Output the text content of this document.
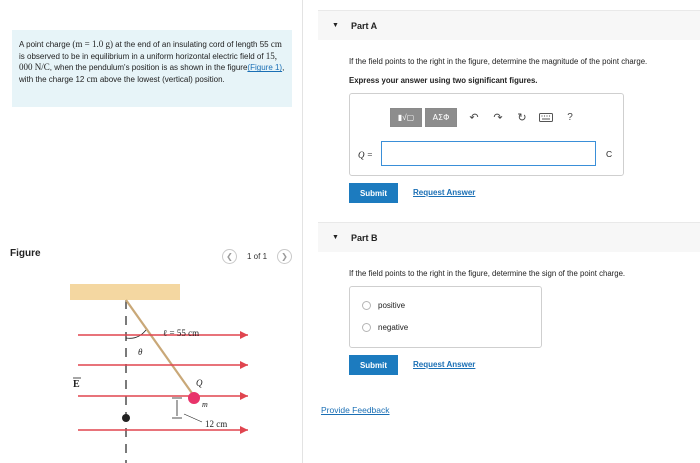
A point charge (m = 1.0 g) at the end of an insulating cord of length 55 cm is observed to be in equilibrium in a uniform horizontal electric field of 15, 000 N/C, when the pendulum's position is as shown in the figure(Figure 1), with the charge 12 cm above the lowest (vertical) position.
Figure	❮	1 of 1	❯
ℓ = 55 cm
θ
Q
m
E
12 cm
▼ Part A
If the field points to the right in the figure, determine the magnitude of the point charge.
Express your answer using two significant figures.
▮√▢	ΑΣΦ	↶	↷	↻	?
Q =	C
Submit	Request Answer
▼ Part B
If the field points to the right in the figure, determine the sign of the point charge.
positive
negative
Submit	Request Answer
Provide Feedback
